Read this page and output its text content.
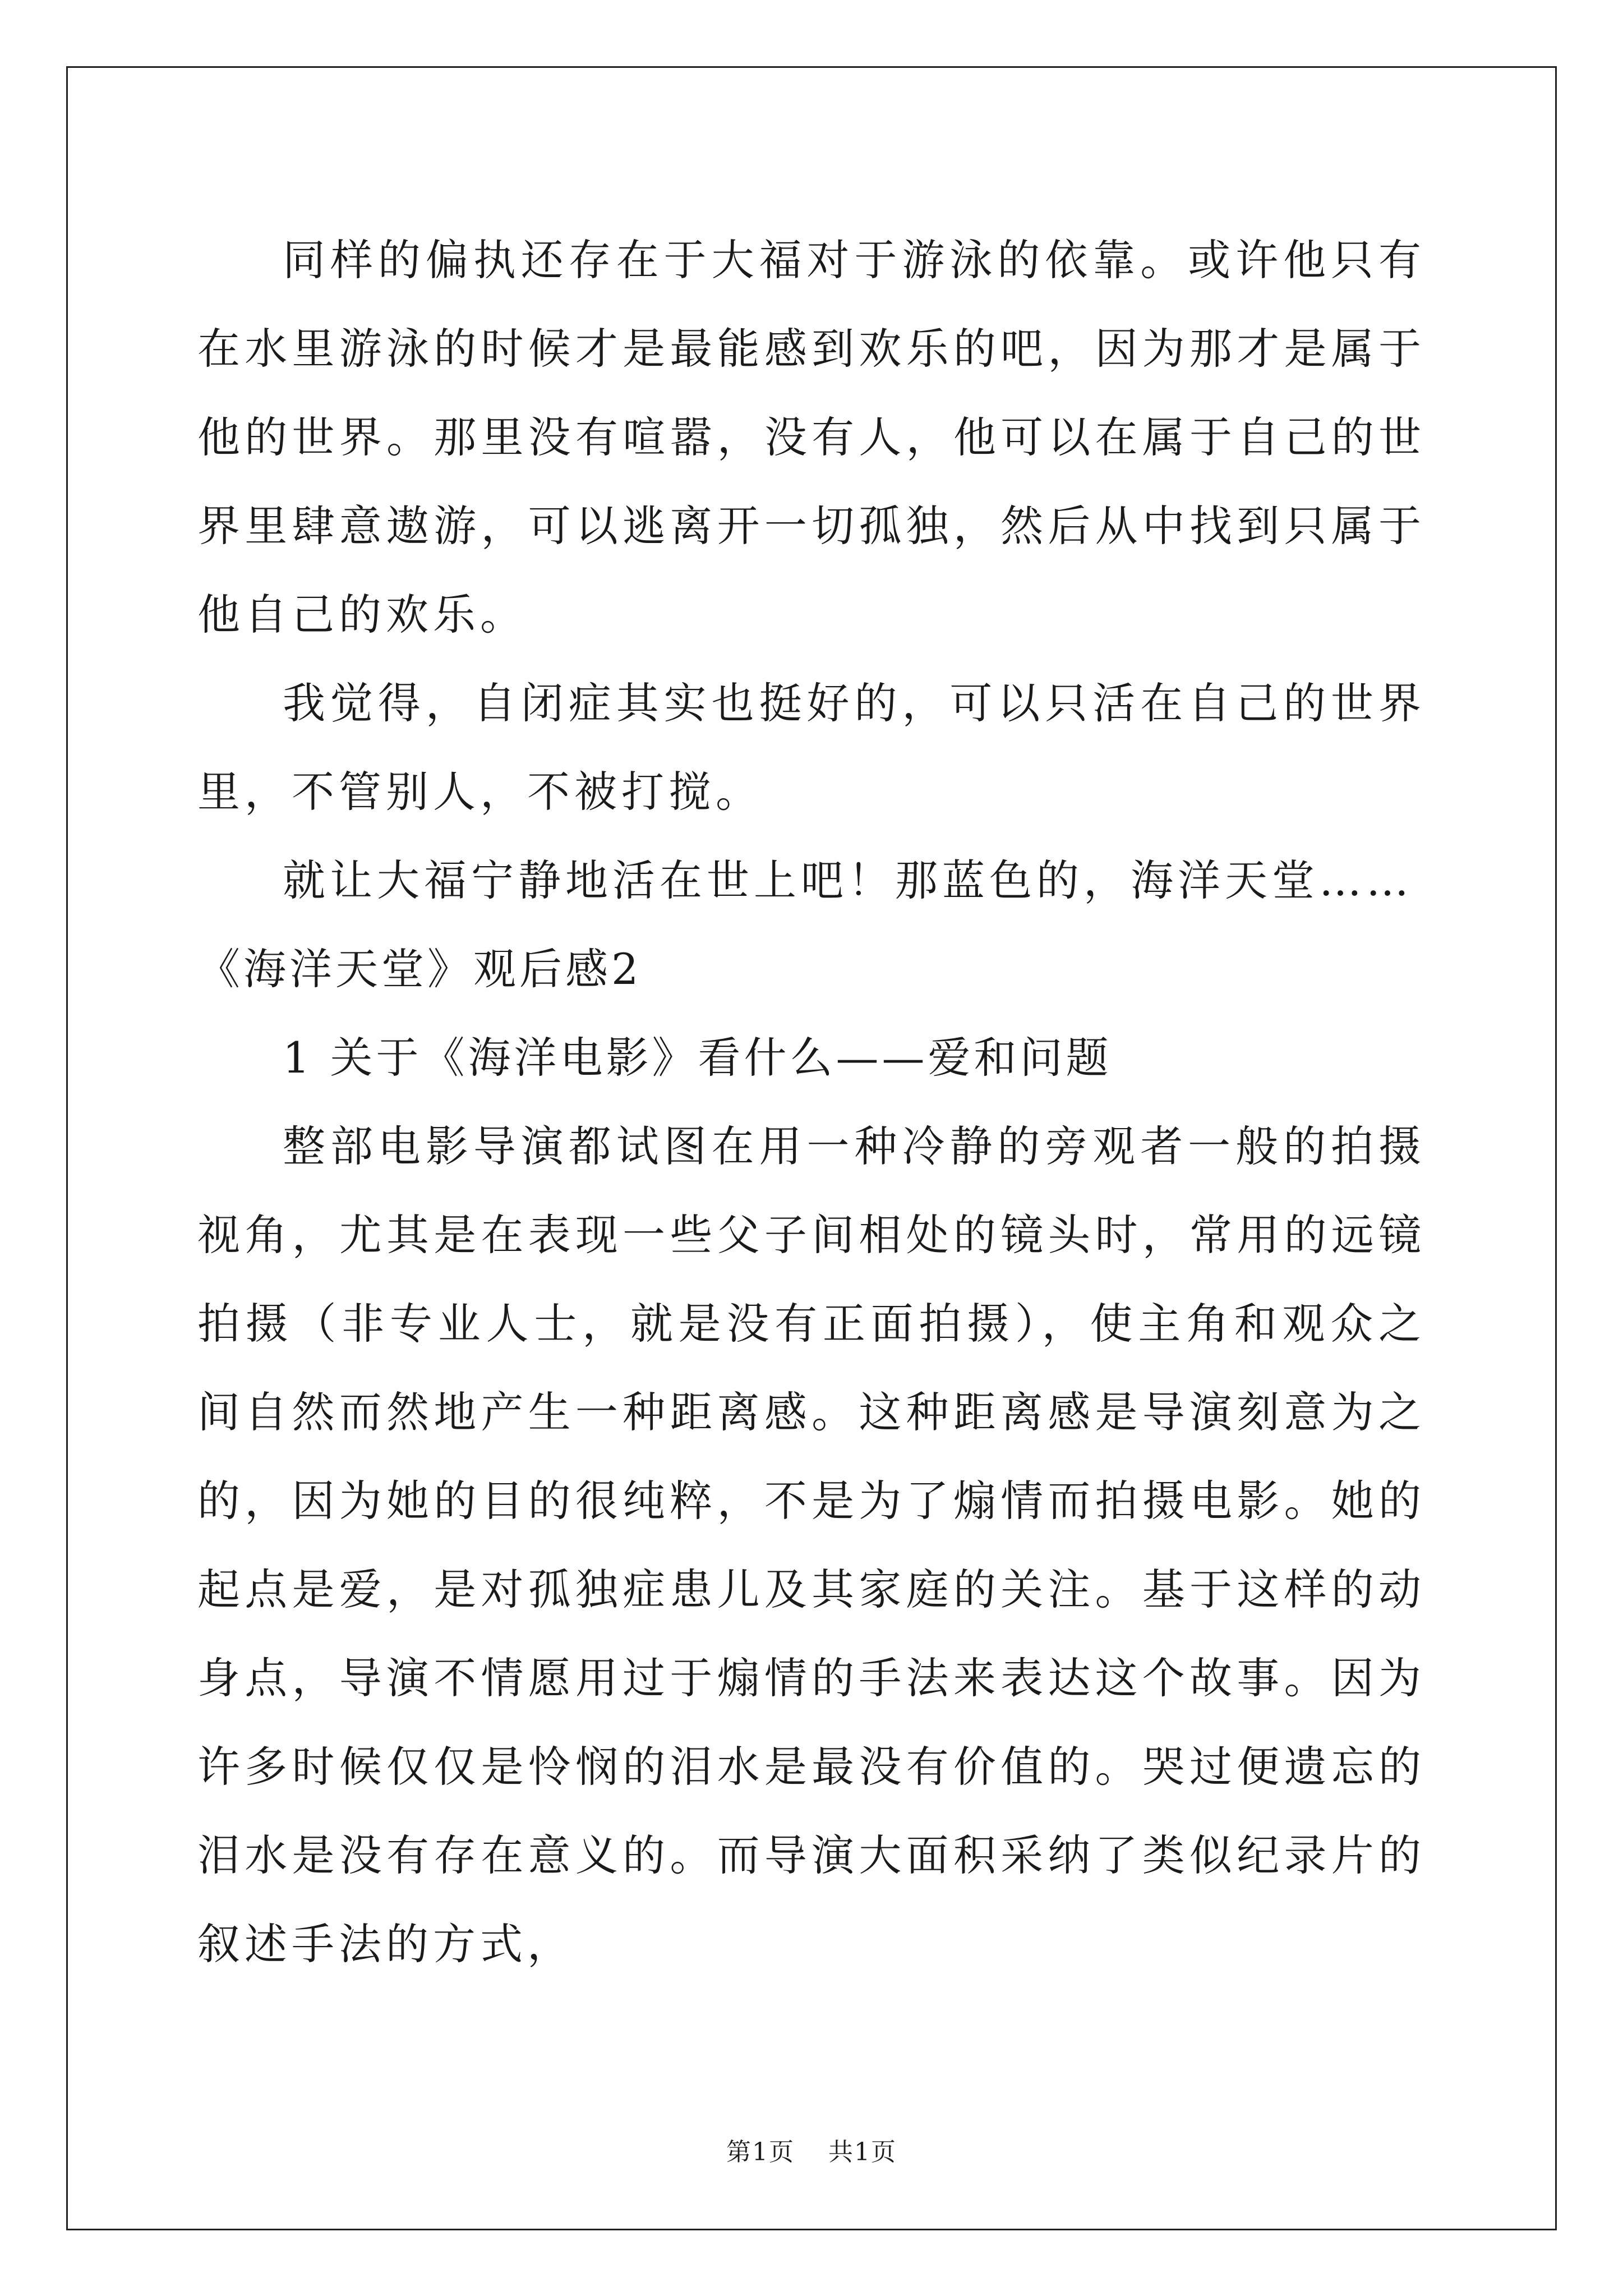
同样的偏执还存在于大福对于游泳的依靠。或许他只有在水里游泳的时候才是最能感到欢乐的吧，因为那才是属于他的世界。那里没有喧嚣，没有人，他可以在属于自己的世界里肆意遨游，可以逃离开一切孤独，然后从中找到只属于他自己的欢乐。

我觉得，自闭症其实也挺好的，可以只活在自己的世界里，不管别人，不被打搅。

就让大福宁静地活在世上吧！那蓝色的，海洋天堂……

《海洋天堂》观后感2

1 关于《海洋电影》看什么——爱和问题

整部电影导演都试图在用一种冷静的旁观者一般的拍摄视角，尤其是在表现一些父子间相处的镜头时，常用的远镜拍摄（非专业人士，就是没有正面拍摄），使主角和观众之间自然而然地产生一种距离感。这种距离感是导演刻意为之的，因为她的目的很纯粹，不是为了煽情而拍摄电影。她的起点是爱，是对孤独症患儿及其家庭的关注。基于这样的动身点，导演不情愿用过于煽情的手法来表达这个故事。因为许多时候仅仅是怜悯的泪水是最没有价值的。哭过便遗忘的泪水是没有存在意义的。而导演大面积采纳了类似纪录片的叙述手法的方式，

第1页 共1页
